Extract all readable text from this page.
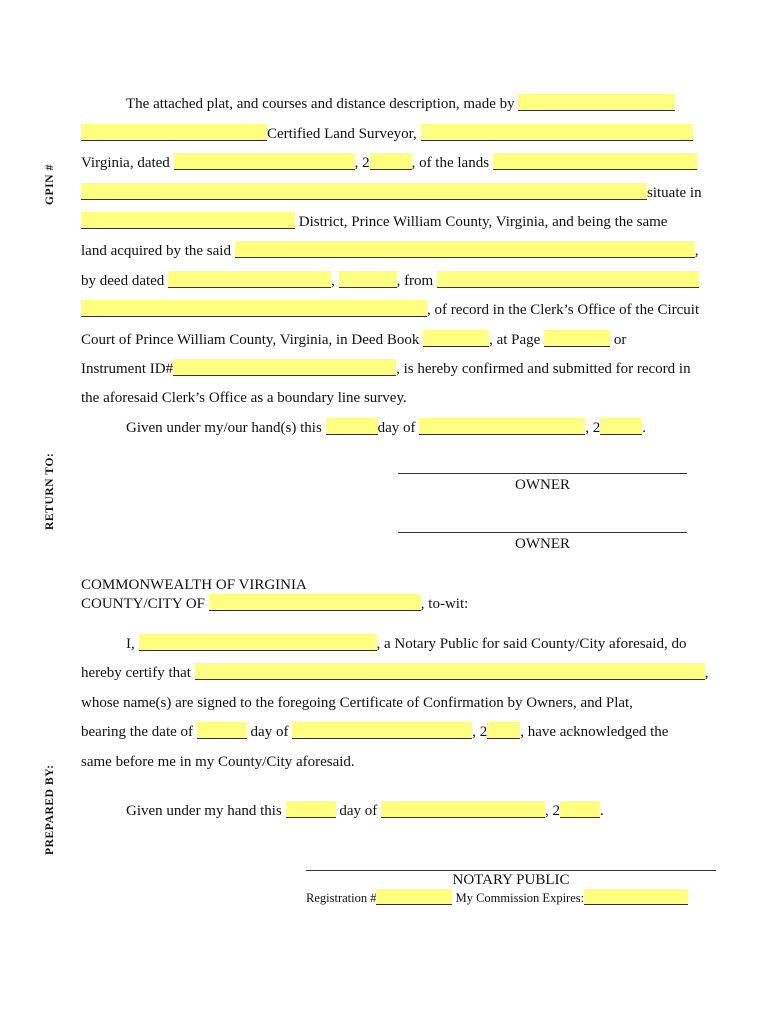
GPIN #
RETURN TO:
PREPARED BY:
The attached plat, and courses and distance description, made by
Certified Land Surveyor,
Virginia, dated	, 2	, of the lands
situate in
District, Prince William County, Virginia, and being the same
land acquired by the said	,
by deed dated	,	, from
, of record in the Clerk’s Office of the Circuit
Court of Prince William County, Virginia, in Deed Book	, at Page	or
Instrument ID#	, is hereby confirmed and submitted for record in
the aforesaid Clerk’s Office as a boundary line survey.
Given under my/our hand(s) this	day of	, 2	.
OWNER
OWNER
COMMONWEALTH OF VIRGINIA
COUNTY/CITY OF	, to-wit:
I,	, a Notary Public for said County/City aforesaid, do
hereby certify that	,
whose name(s) are signed to the foregoing Certificate of Confirmation by Owners, and Plat,
bearing the date of	day of	, 2 , have acknowledged the
same before me in my County/City aforesaid.
Given under my hand this	day of	, 2	.
NOTARY PUBLIC
Registration #	My Commission Expires:
